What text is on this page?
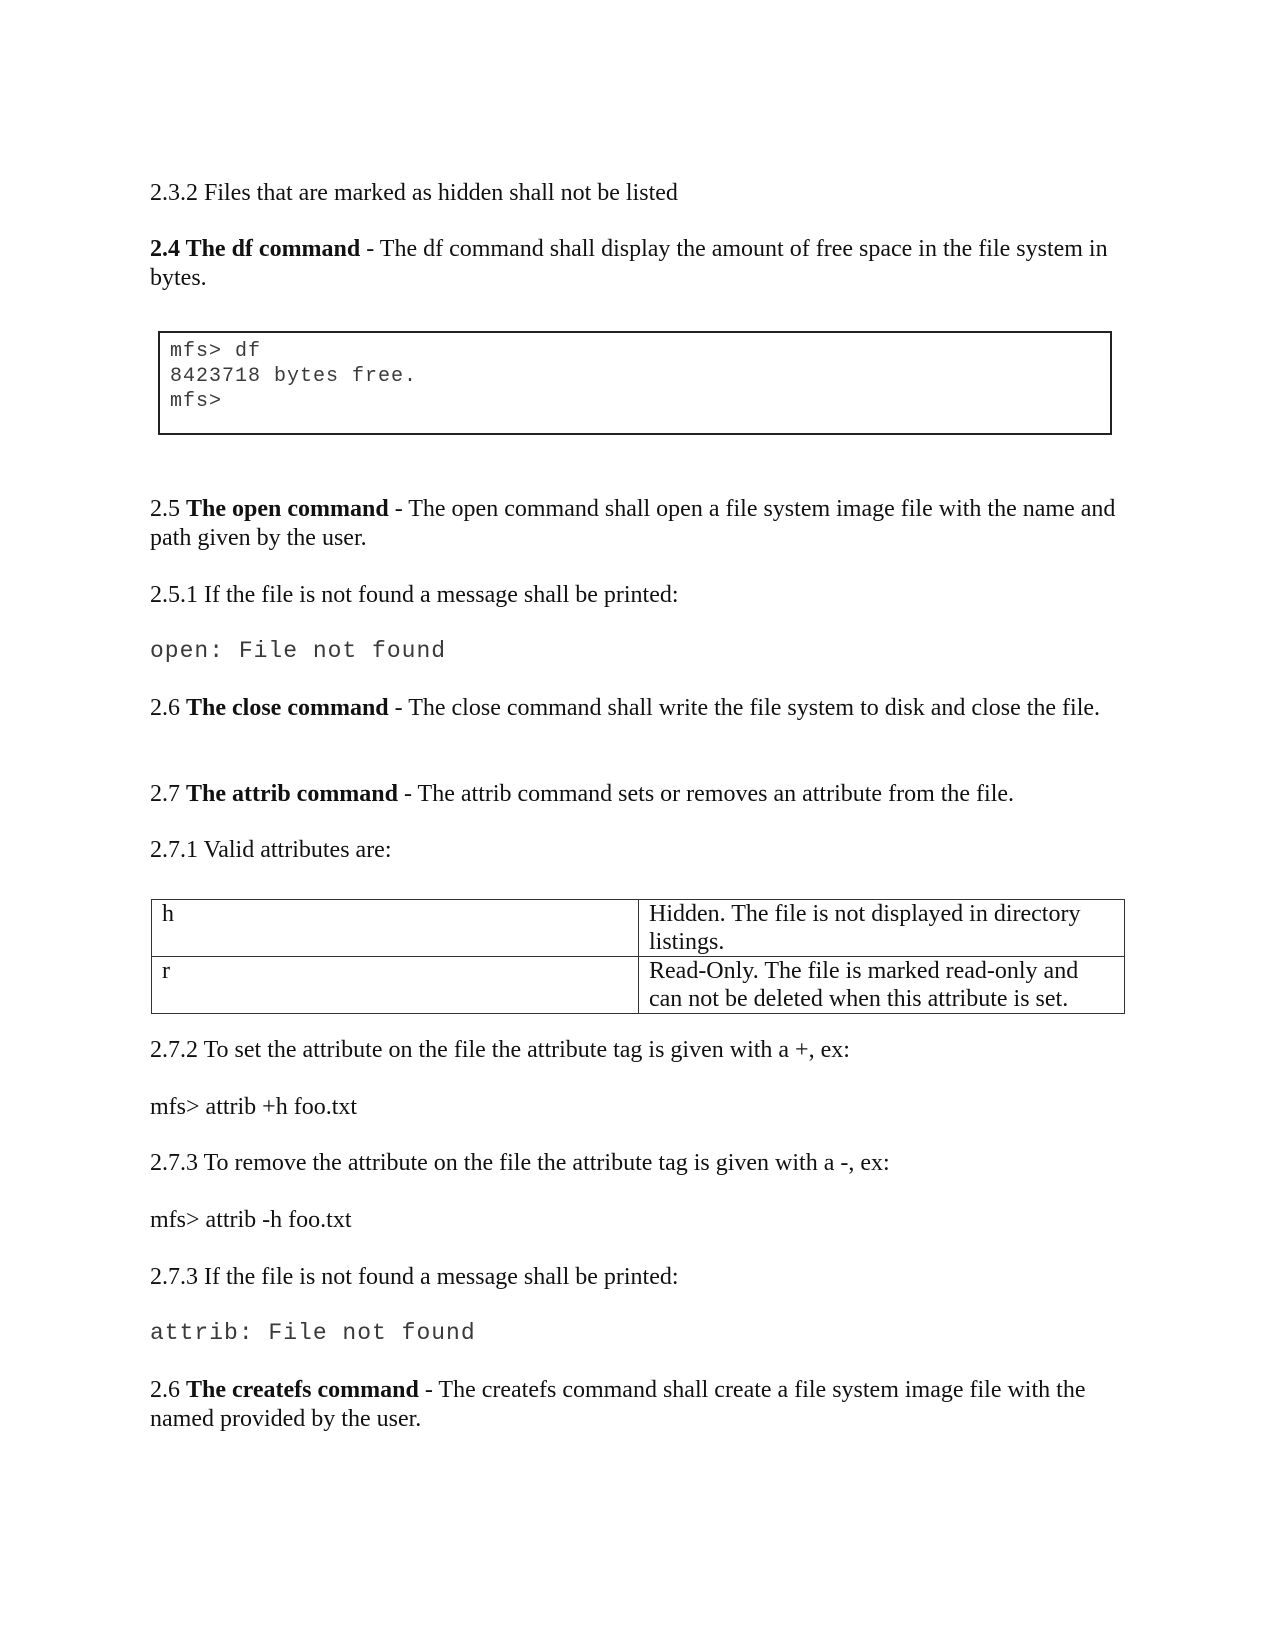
2.3.2 Files that are marked as hidden shall not be listed

2.4 The df command - The df command shall display the amount of free space in the file system in bytes.

mfs> df
8423718 bytes free.
mfs>

2.5 The open command - The open command shall open a file system image file with the name and path given by the user.

2.5.1 If the file is not found a message shall be printed:

open: File not found

2.6 The close command - The close command shall write the file system to disk and close the file.

2.7 The attrib command - The attrib command sets or removes an attribute from the file.

2.7.1 Valid attributes are:

h	Hidden. The file is not displayed in directory listings.
r	Read-Only. The file is marked read-only and can not be deleted when this attribute is set.

2.7.2 To set the attribute on the file the attribute tag is given with a +, ex:

mfs> attrib +h foo.txt

2.7.3 To remove the attribute on the file the attribute tag is given with a -, ex:

mfs> attrib -h foo.txt

2.7.3 If the file is not found a message shall be printed:

attrib: File not found

2.6 The createfs command - The createfs command shall create a file system image file with the named provided by the user.
